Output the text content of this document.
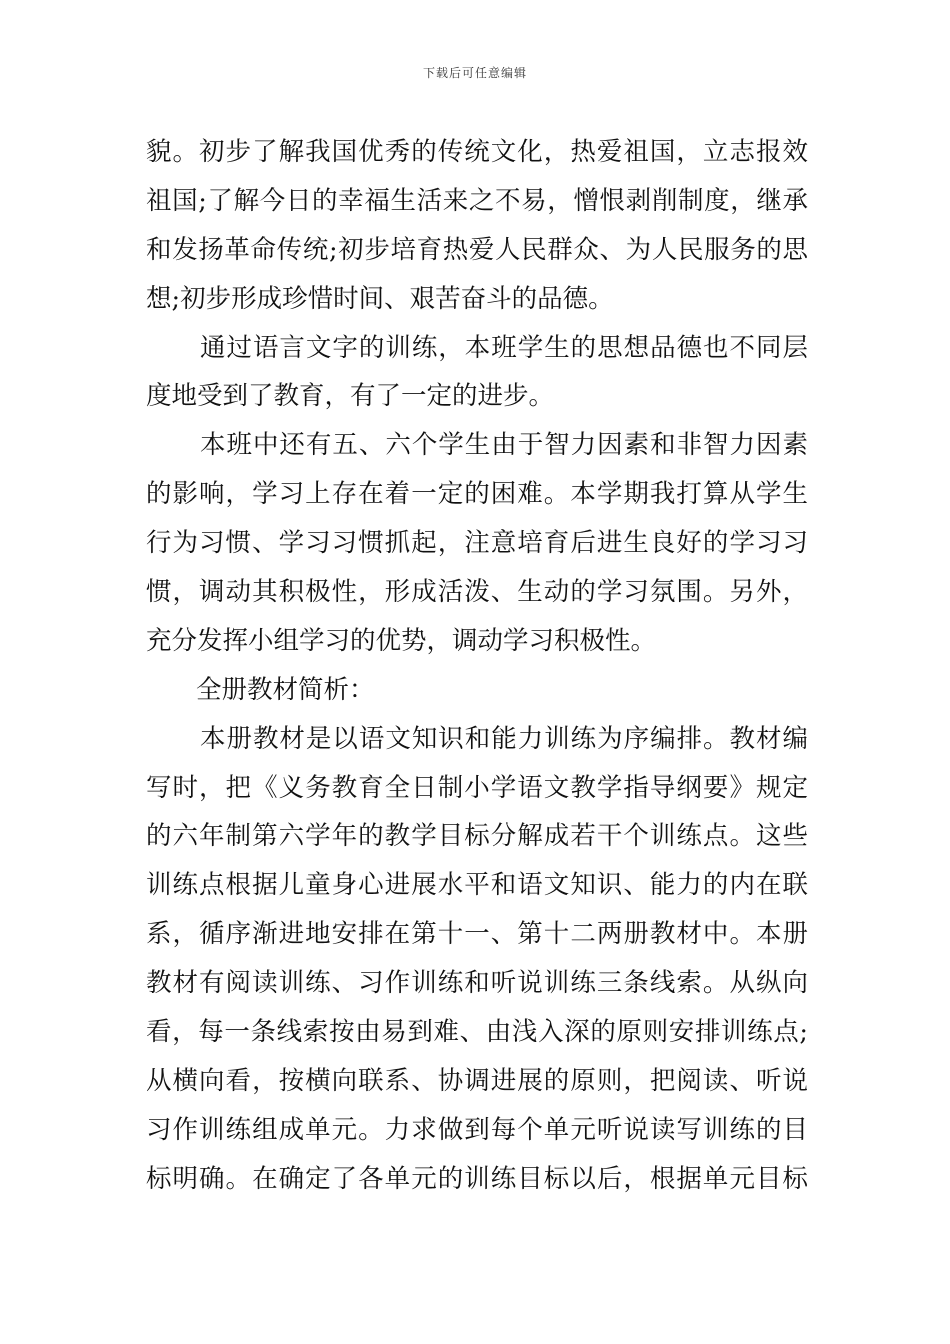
下载后可任意编辑
貌。初步了解我国优秀的传统文化，热爱祖国，立志报效
祖国;了解今日的幸福生活来之不易，憎恨剥削制度，继承
和发扬革命传统;初步培育热爱人民群众、为人民服务的思
想;初步形成珍惜时间、艰苦奋斗的品德。
通过语言文字的训练，本班学生的思想品德也不同层
度地受到了教育，有了一定的进步。
本班中还有五、六个学生由于智力因素和非智力因素
的影响，学习上存在着一定的困难。本学期我打算从学生
行为习惯、学习习惯抓起，注意培育后进生良好的学习习
惯，调动其积极性，形成活泼、生动的学习氛围。另外，
充分发挥小组学习的优势，调动学习积极性。
全册教材简析：
本册教材是以语文知识和能力训练为序编排。教材编
写时，把《义务教育全日制小学语文教学指导纲要》规定
的六年制第六学年的教学目标分解成若干个训练点。这些
训练点根据儿童身心进展水平和语文知识、能力的内在联
系，循序渐进地安排在第十一、第十二两册教材中。本册
教材有阅读训练、习作训练和听说训练三条线索。从纵向
看，每一条线索按由易到难、由浅入深的原则安排训练点;
从横向看，按横向联系、协调进展的原则，把阅读、听说
习作训练组成单元。力求做到每个单元听说读写训练的目
标明确。在确定了各单元的训练目标以后，根据单元目标
